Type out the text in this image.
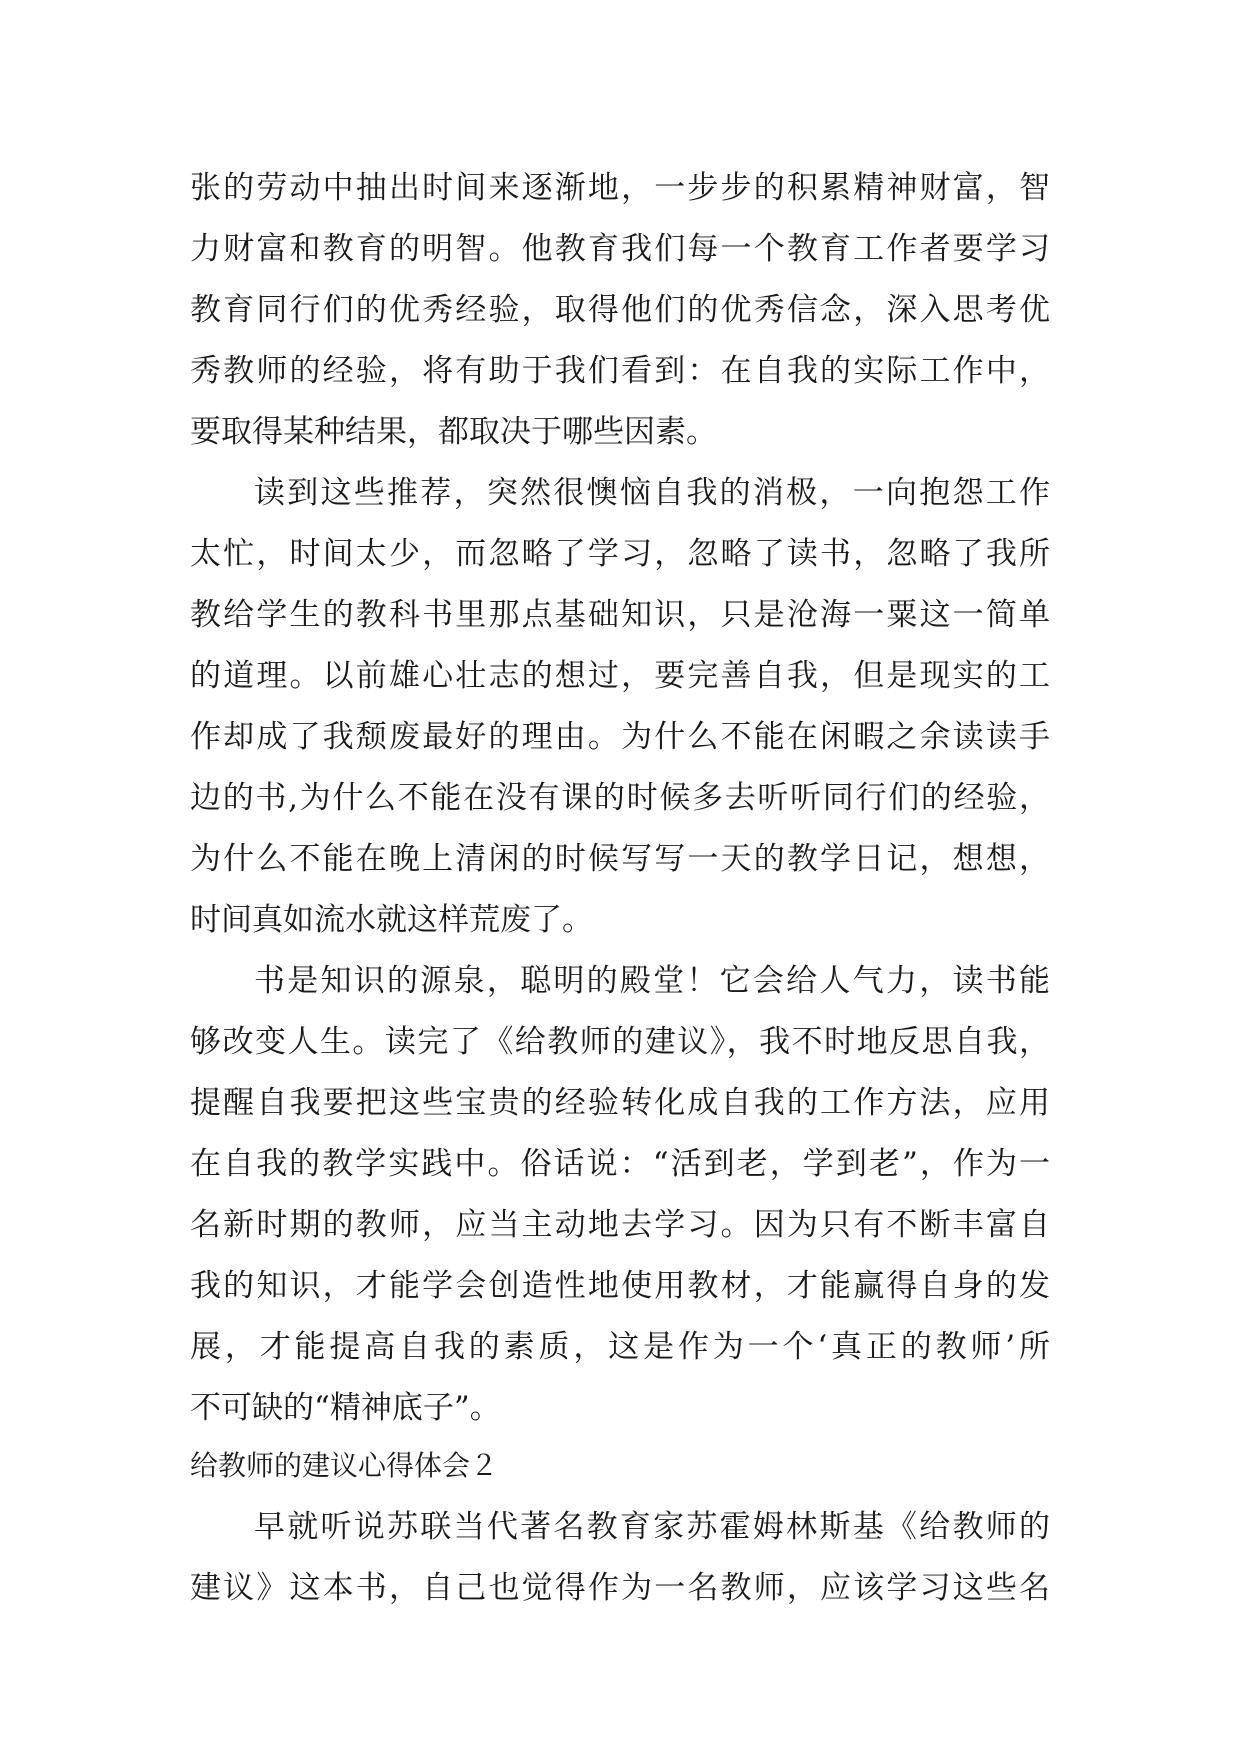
张的劳动中抽出时间来逐渐地，一步步的积累精神财富，智
力财富和教育的明智。他教育我们每一个教育工作者要学习
教育同行们的优秀经验，取得他们的优秀信念，深入思考优
秀教师的经验，将有助于我们看到：在自我的实际工作中，
要取得某种结果，都取决于哪些因素。
读到这些推荐，突然很懊恼自我的消极，一向抱怨工作
太忙，时间太少，而忽略了学习，忽略了读书，忽略了我所
教给学生的教科书里那点基础知识，只是沧海一粟这一简单
的道理。以前雄心壮志的想过，要完善自我，但是现实的工
作却成了我颓废最好的理由。为什么不能在闲暇之余读读手
边的书,为什么不能在没有课的时候多去听听同行们的经验，
为什么不能在晚上清闲的时候写写一天的教学日记，想想，
时间真如流水就这样荒废了。
书是知识的源泉，聪明的殿堂！它会给人气力，读书能
够改变人生。读完了《给教师的建议》，我不时地反思自我，
提醒自我要把这些宝贵的经验转化成自我的工作方法，应用
在自我的教学实践中。俗话说：“活到老，学到老”，作为一
名新时期的教师，应当主动地去学习。因为只有不断丰富自
我的知识，才能学会创造性地使用教材，才能赢得自身的发
展，才能提高自我的素质，这是作为一个‘真正的教师’所
不可缺的“精神底子”。
给教师的建议心得体会２
早就听说苏联当代著名教育家苏霍姆林斯基《给教师的
建议》这本书，自己也觉得作为一名教师，应该学习这些名
